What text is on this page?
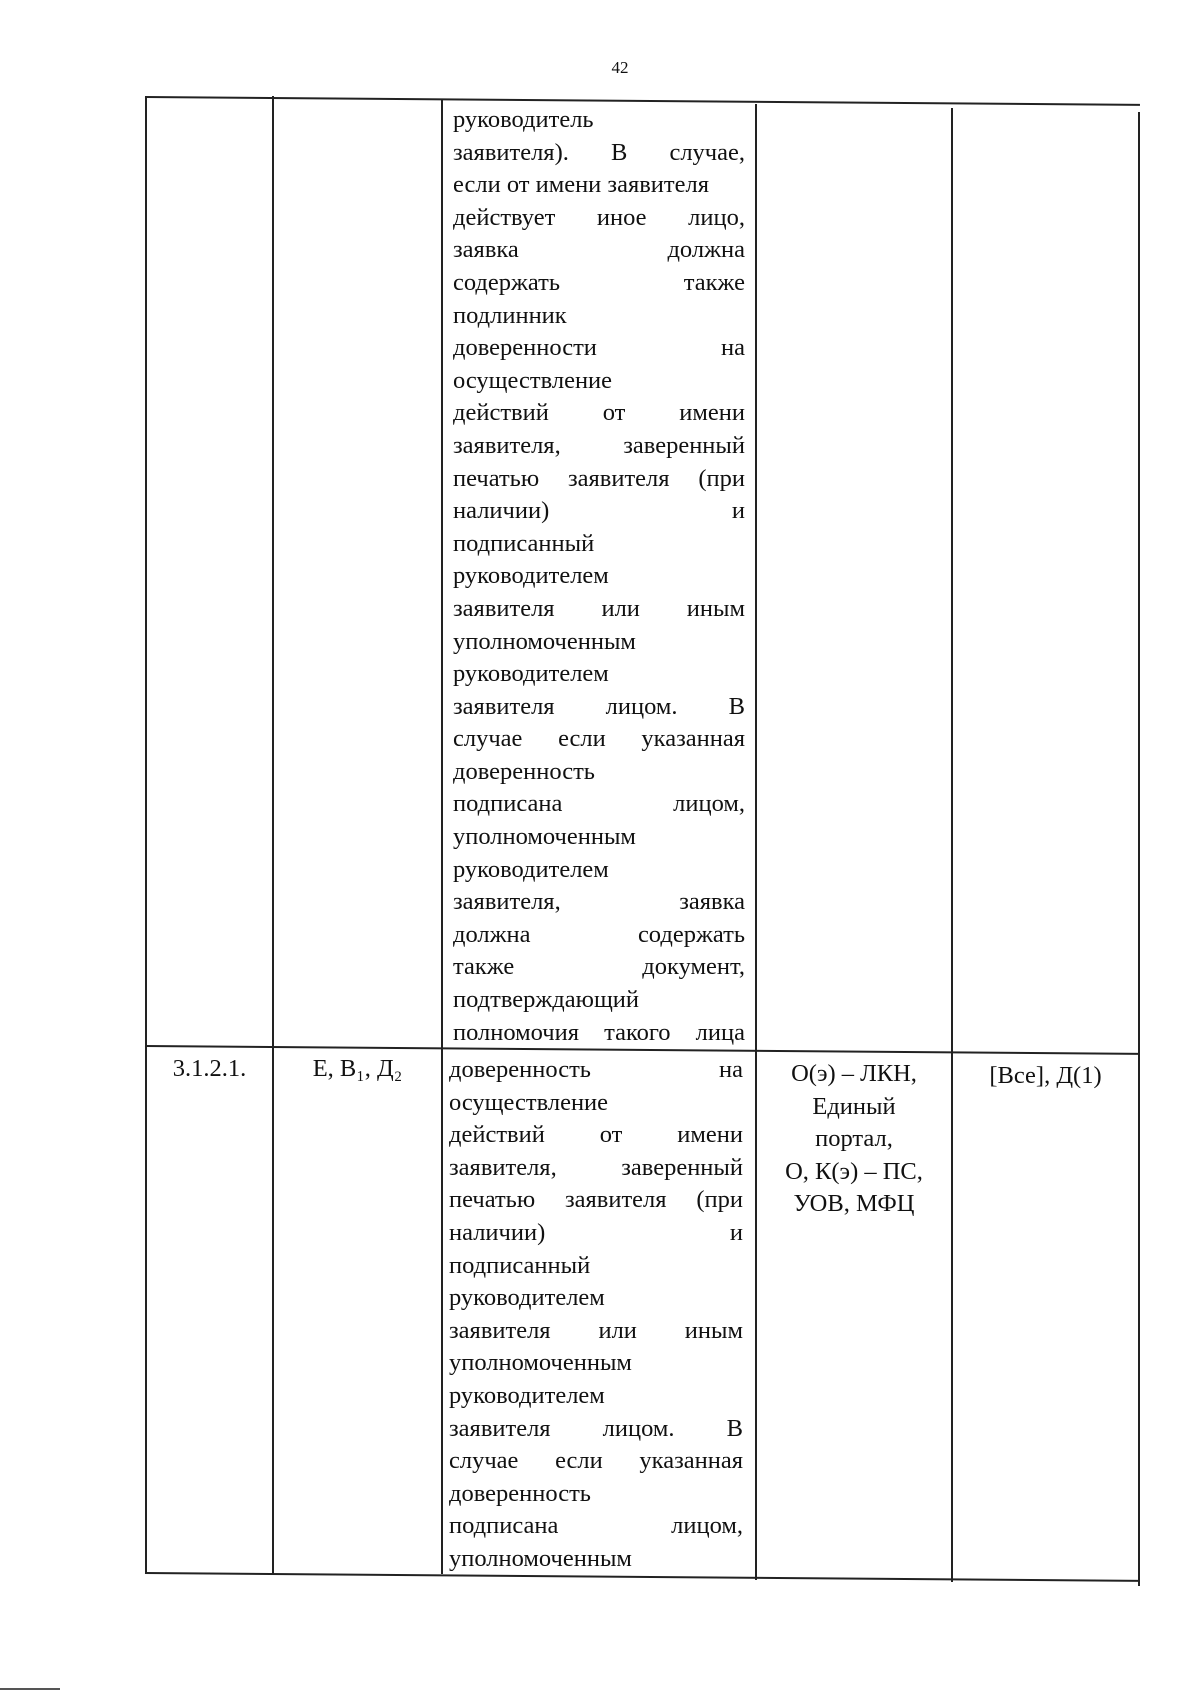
42
руководитель
заявителя). В случае,
если от имени заявителя
действует иное лицо,
заявка должна
содержать также
подлинник
доверенности на
осуществление
действий от имени
заявителя, заверенный
печатью заявителя (при
наличии) и
подписанный
руководителем
заявителя или иным
уполномоченным
руководителем
заявителя лицом. В
случае если указанная
доверенность
подписана лицом,
уполномоченным
руководителем
заявителя, заявка
должна содержать
также документ,
подтверждающий
полномочия такого лица
3.1.2.1.	Е, В₁, Д₂	доверенность на
осуществление
действий от имени
заявителя, заверенный
печатью заявителя (при
наличии) и
подписанный
руководителем
заявителя или иным
уполномоченным
руководителем
заявителя лицом. В
случае если указанная
доверенность
подписана лицом,
уполномоченным
О(э) – ЛКН,
Единый
портал,
О, К(э) – ПС,
УОВ, МФЦ
[Все], Д(1)
